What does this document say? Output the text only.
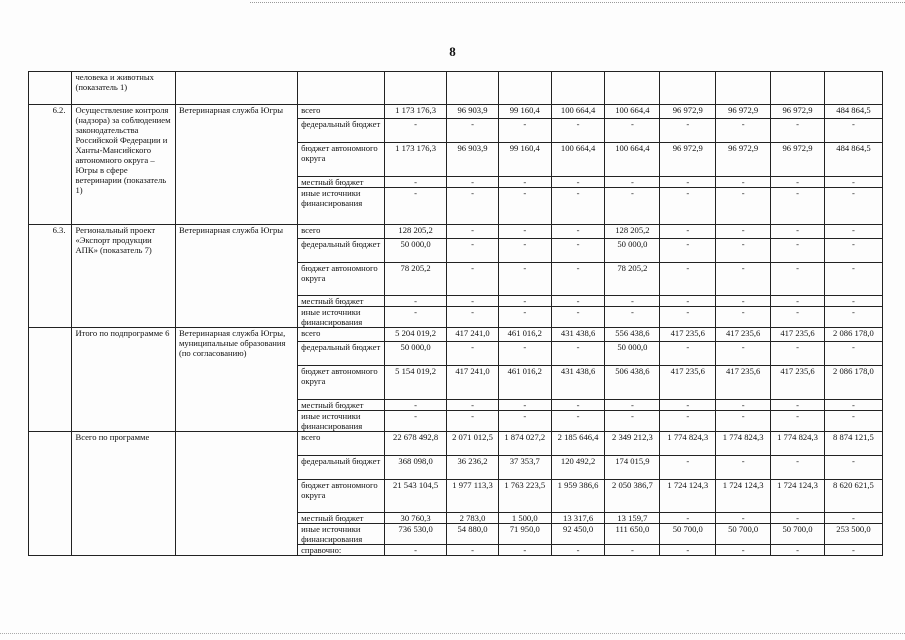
8
	человека и животных (показатель 1)											
6.2.	Осуществление контроля (надзора) за соблюдением законодательства Российской Федерации и Ханты-Мансийского автономного округа – Югры в сфере ветеринарии (показатель 1)	Ветеринарная служба Югры	всего	1 173 176,3	96 903,9	99 160,4	100 664,4	100 664,4	96 972,9	96 972,9	96 972,9	484 864,5
			федеральный бюджет	-	-	-	-	-	-	-	-	-
			бюджет автономного округа	1 173 176,3	96 903,9	99 160,4	100 664,4	100 664,4	96 972,9	96 972,9	96 972,9	484 864,5
			местный бюджет	-	-	-	-	-	-	-	-	-
			иные источники финансирования	-	-	-	-	-	-	-	-	-
6.3.	Региональный проект «Экспорт продукции АПК» (показатель 7)	Ветеринарная служба Югры	всего	128 205,2	-	-	-	128 205,2	-	-	-	-
			федеральный бюджет	50 000,0	-	-	-	50 000,0	-	-	-	-
			бюджет автономного округа	78 205,2	-	-	-	78 205,2	-	-	-	-
			местный бюджет	-	-	-	-	-	-	-	-	-
			иные источники финансирования	-	-	-	-	-	-	-	-	-
	Итого по подпрограмме 6	Ветеринарная служба Югры, муниципальные образования (по согласованию)	всего	5 204 019,2	417 241,0	461 016,2	431 438,6	556 438,6	417 235,6	417 235,6	417 235,6	2 086 178,0
			федеральный бюджет	50 000,0	-	-	-	50 000,0	-	-	-	-
			бюджет автономного округа	5 154 019,2	417 241,0	461 016,2	431 438,6	506 438,6	417 235,6	417 235,6	417 235,6	2 086 178,0
			местный бюджет	-	-	-	-	-	-	-	-	-
			иные источники финансирования	-	-	-	-	-	-	-	-	-
	Всего по программе		всего	22 678 492,8	2 071 012,5	1 874 027,2	2 185 646,4	2 349 212,3	1 774 824,3	1 774 824,3	1 774 824,3	8 874 121,5
			федеральный бюджет	368 098,0	36 236,2	37 353,7	120 492,2	174 015,9	-	-	-	-
			бюджет автономного округа	21 543 104,5	1 977 113,3	1 763 223,5	1 959 386,6	2 050 386,7	1 724 124,3	1 724 124,3	1 724 124,3	8 620 621,5
			местный бюджет	30 760,3	2 783,0	1 500,0	13 317,6	13 159,7	-	-	-	-
			иные источники финансирования	736 530,0	54 880,0	71 950,0	92 450,0	111 650,0	50 700,0	50 700,0	50 700,0	253 500,0
			справочно:	-	-	-	-	-	-	-	-	-
